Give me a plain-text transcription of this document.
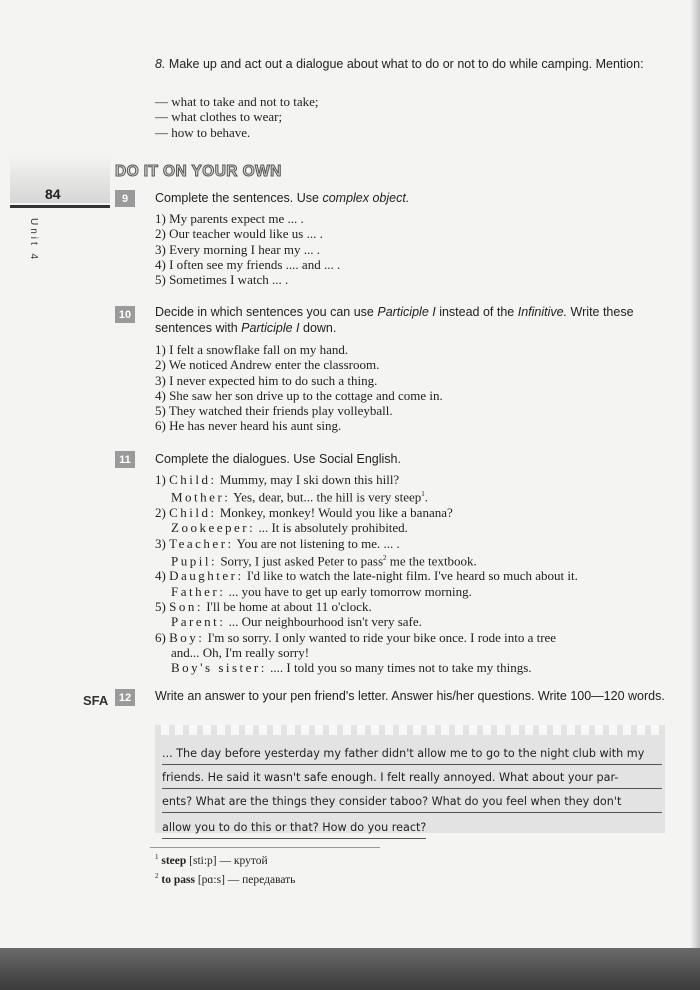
84
Unit 4
8. Make up and act out a dialogue about what to do or not to do while camping. Mention:
— what to take and not to take;
— what clothes to wear;
— how to behave.
DO IT ON YOUR OWN
9	Complete the sentences. Use complex object.
1) My parents expect me ... .
2) Our teacher would like us ... .
3) Every morning I hear my ... .
4) I often see my friends .... and ... .
5) Sometimes I watch ... .
10	Decide in which sentences you can use Participle I instead of the Infinitive. Write these sentences with Participle I down.
1) I felt a snowflake fall on my hand.
2) We noticed Andrew enter the classroom.
3) I never expected him to do such a thing.
4) She saw her son drive up to the cottage and come in.
5) They watched their friends play volleyball.
6) He has never heard his aunt sing.
11	Complete the dialogues. Use Social English.
1) Child: Mummy, may I ski down this hill?
Mother: Yes, dear, but... the hill is very steep$^1$.
2) Child: Monkey, monkey! Would you like a banana?
Zookeeper: ... It is absolutely prohibited.
3) Teacher: You are not listening to me. ... .
Pupil: Sorry, I just asked Peter to pass$^2$ me the textbook.
4) Daughter: I'd like to watch the late-night film. I've heard so much about it.
Father: ... you have to get up early tomorrow morning.
5) Son: I'll be home at about 11 o'clock.
Parent: ... Our neighbourhood isn't very safe.
6) Boy: I'm so sorry. I only wanted to ride your bike once. I rode into a tree
and... Oh, I'm really sorry!
Boy's sister: .... I told you so many times not to take my things.
SFA 12	Write an answer to your pen friend's letter. Answer his/her questions. Write 100—120 words.
... The day before yesterday my father didn't allow me to go to the night club with my
friends. He said it wasn't safe enough. I felt really annoyed. What about your par-
ents? What are the things they consider taboo? What do you feel when they don't
allow you to do this or that? How do you react?
$^1$ steep [sti:p] — крутой
$^2$ to pass [pɑ:s] — передавать
